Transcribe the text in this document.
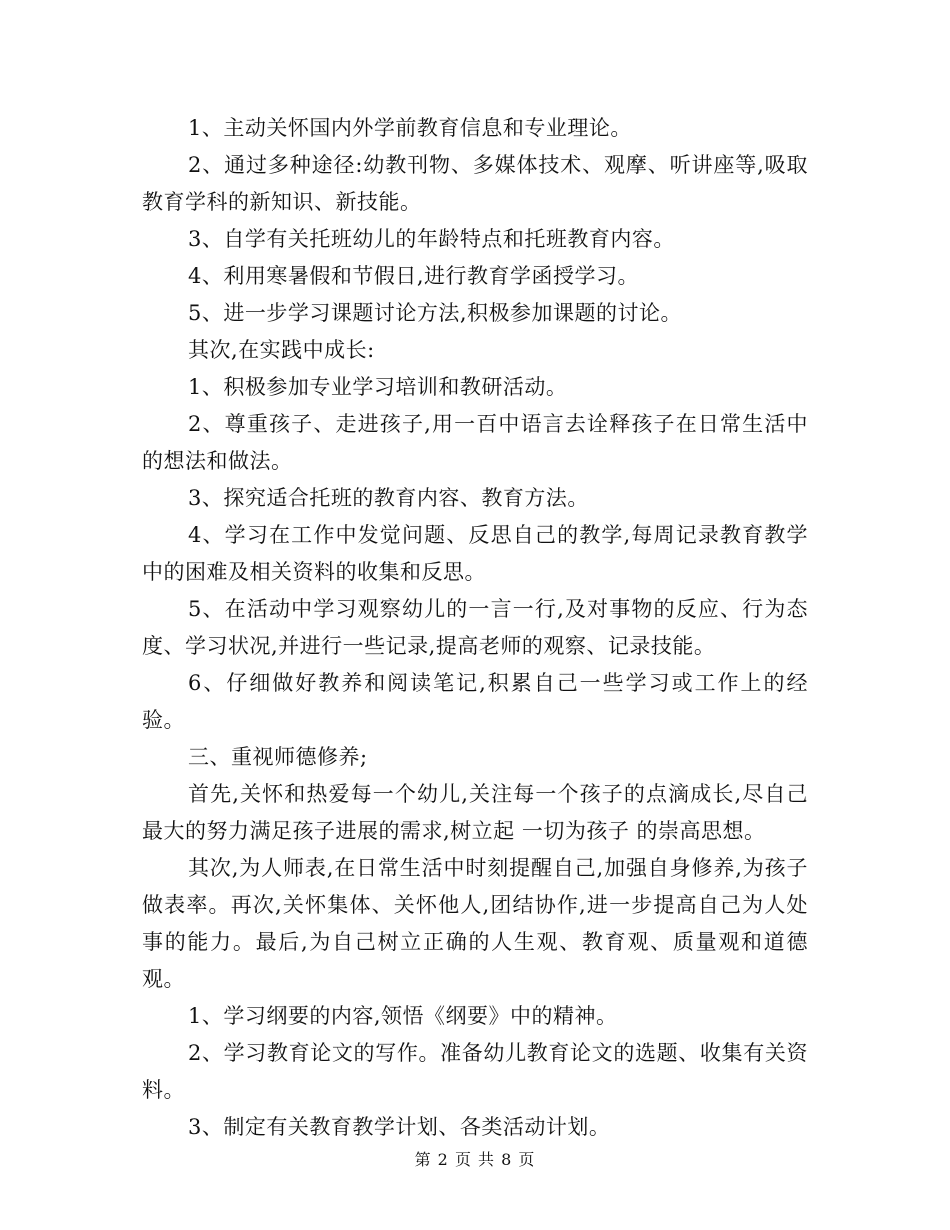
1、主动关怀国内外学前教育信息和专业理论。

2、通过多种途径:幼教刊物、多媒体技术、观摩、听讲座等,吸取教育学科的新知识、新技能。

3、自学有关托班幼儿的年龄特点和托班教育内容。

4、利用寒暑假和节假日,进行教育学函授学习。

5、进一步学习课题讨论方法,积极参加课题的讨论。

其次,在实践中成长:

1、积极参加专业学习培训和教研活动。

2、尊重孩子、走进孩子,用一百中语言去诠释孩子在日常生活中的想法和做法。

3、探究适合托班的教育内容、教育方法。

4、学习在工作中发觉问题、反思自己的教学,每周记录教育教学中的困难及相关资料的收集和反思。

5、在活动中学习观察幼儿的一言一行,及对事物的反应、行为态度、学习状况,并进行一些记录,提高老师的观察、记录技能。

6、仔细做好教养和阅读笔记,积累自己一些学习或工作上的经验。

三、重视师德修养;

首先,关怀和热爱每一个幼儿,关注每一个孩子的点滴成长,尽自己最大的努力满足孩子进展的需求,树立起 一切为孩子 的崇高思想。

其次,为人师表,在日常生活中时刻提醒自己,加强自身修养,为孩子做表率。再次,关怀集体、关怀他人,团结协作,进一步提高自己为人处事的能力。最后,为自己树立正确的人生观、教育观、质量观和道德观。

1、学习纲要的内容,领悟《纲要》中的精神。

2、学习教育论文的写作。准备幼儿教育论文的选题、收集有关资料。

3、制定有关教育教学计划、各类活动计划。

第 2 页 共 8 页
